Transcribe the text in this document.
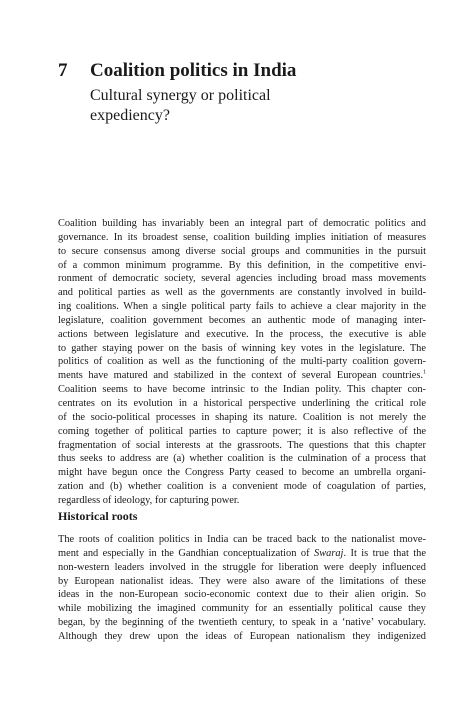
7	Coalition politics in India
Cultural synergy or political expediency?
Coalition building has invariably been an integral part of democratic politics and
governance. In its broadest sense, coalition building implies initiation of measures
to secure consensus among diverse social groups and communities in the pursuit
of a common minimum programme. By this definition, in the competitive envi-
ronment of democratic society, several agencies including broad mass movements
and political parties as well as the governments are constantly involved in build-
ing coalitions. When a single political party fails to achieve a clear majority in the
legislature, coalition government becomes an authentic mode of managing inter-
actions between legislature and executive. In the process, the executive is able
to gather staying power on the basis of winning key votes in the legislature. The
politics of coalition as well as the functioning of the multi-party coalition govern-
ments have matured and stabilized in the context of several European countries.$^1$
Coalition seems to have become intrinsic to the Indian polity. This chapter con-
centrates on its evolution in a historical perspective underlining the critical role
of the socio-political processes in shaping its nature. Coalition is not merely the
coming together of political parties to capture power; it is also reflective of the
fragmentation of social interests at the grassroots. The questions that this chapter
thus seeks to address are (a) whether coalition is the culmination of a process that
might have begun once the Congress Party ceased to become an umbrella organi-
zation and (b) whether coalition is a convenient mode of coagulation of parties,
regardless of ideology, for capturing power.
Historical roots
The roots of coalition politics in India can be traced back to the nationalist move-
ment and especially in the Gandhian conceptualization of Swaraj. It is true that the
non-western leaders involved in the struggle for liberation were deeply influenced
by European nationalist ideas. They were also aware of the limitations of these
ideas in the non-European socio-economic context due to their alien origin. So
while mobilizing the imagined community for an essentially political cause they
began, by the beginning of the twentieth century, to speak in a ‘native’ vocabulary.
Although they drew upon the ideas of European nationalism they indigenized
